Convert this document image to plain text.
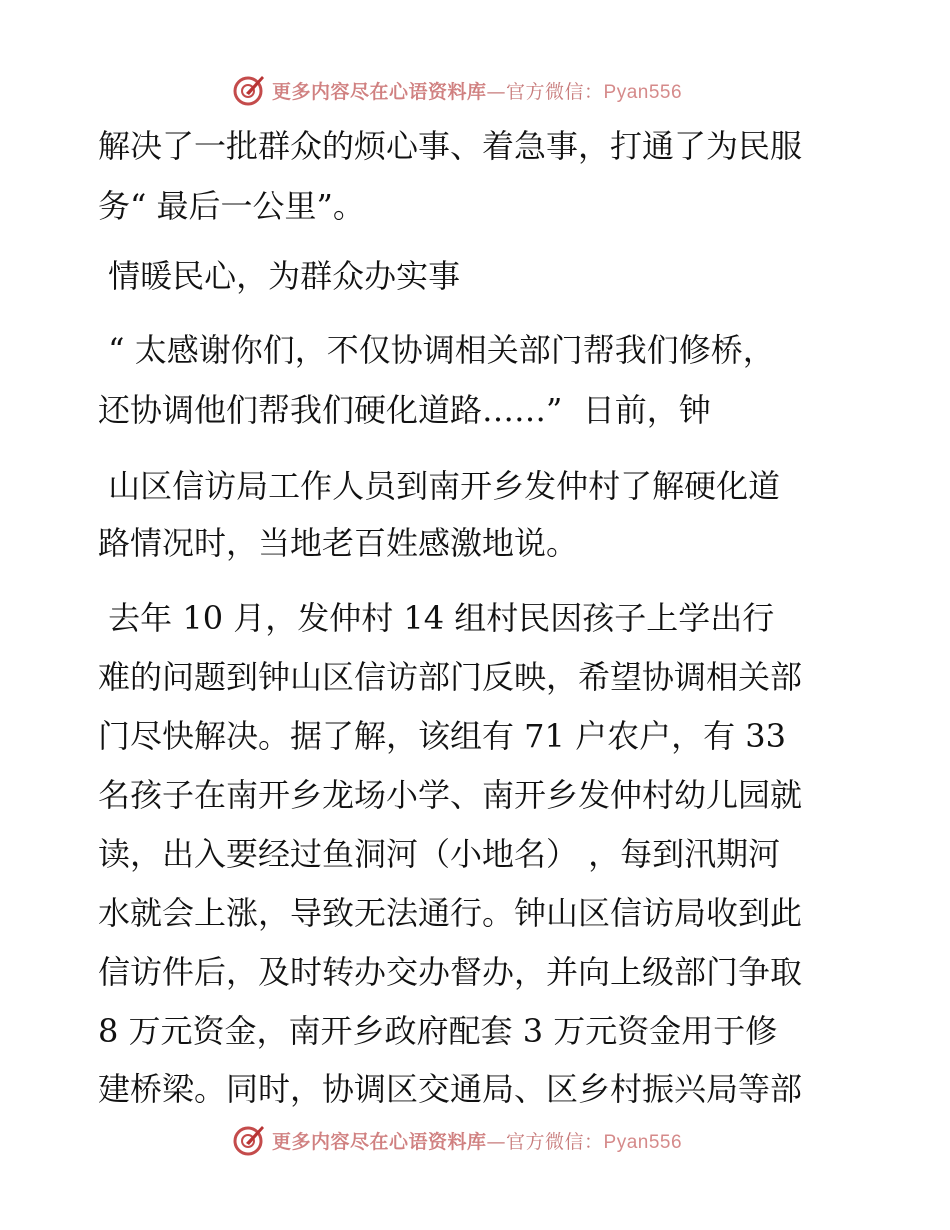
更多内容尽在心语资料库—官方微信：Pyan556

解决了一批群众的烦心事、着急事，打通了为民服

务“ 最后一公里”。

情暖民心，为群众办实事

“ 太感谢你们，不仅协调相关部门帮我们修桥，

还协调他们帮我们硬化道路……”  日前，钟

山区信访局工作人员到南开乡发仲村了解硬化道

路情况时，当地老百姓感激地说。

去年 10 月，发仲村 14 组村民因孩子上学出行

难的问题到钟山区信访部门反映，希望协调相关部

门尽快解决。据了解，该组有 71 户农户，有 33

名孩子在南开乡龙场小学、南开乡发仲村幼儿园就

读，出入要经过鱼洞河（小地名） ，每到汛期河

水就会上涨，导致无法通行。钟山区信访局收到此

信访件后，及时转办交办督办，并向上级部门争取

8 万元资金，南开乡政府配套 3 万元资金用于修

建桥梁。同时，协调区交通局、区乡村振兴局等部

更多内容尽在心语资料库—官方微信：Pyan556
